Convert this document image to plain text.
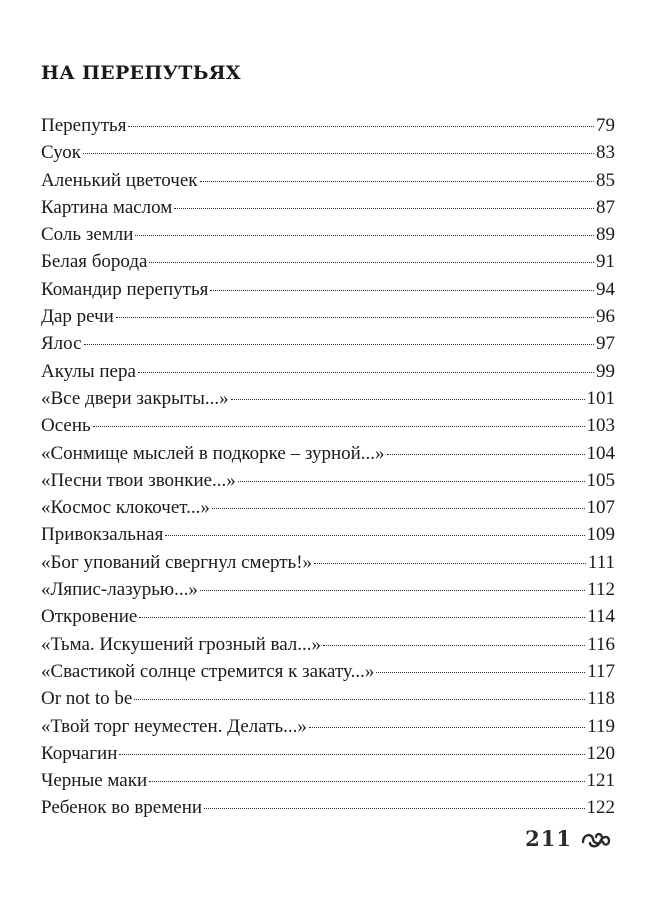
НА ПЕРЕПУТЬЯХ
Перепутья	79
Суок	83
Аленький цветочек	85
Картина маслом	87
Соль земли	89
Белая борода	91
Командир перепутья	94
Дар речи	96
Ялос	97
Акулы пера	99
«Все двери закрыты...»	101
Осень	103
«Сонмище мыслей в подкорке – зурной...»	104
«Песни твои звонкие...»	105
«Космос клокочет...»	107
Привокзальная	109
«Бог упований свергнул смерть!»	111
«Ляпис-лазурью...»	112
Откровение	114
«Тьма. Искушений грозный вал...»	116
«Свастикой солнце стремится к закату...»	117
Or not to be	118
«Твой торг неуместен. Делать...»	119
Корчагин	120
Черные маки	121
Ребенок во времени	122
211
